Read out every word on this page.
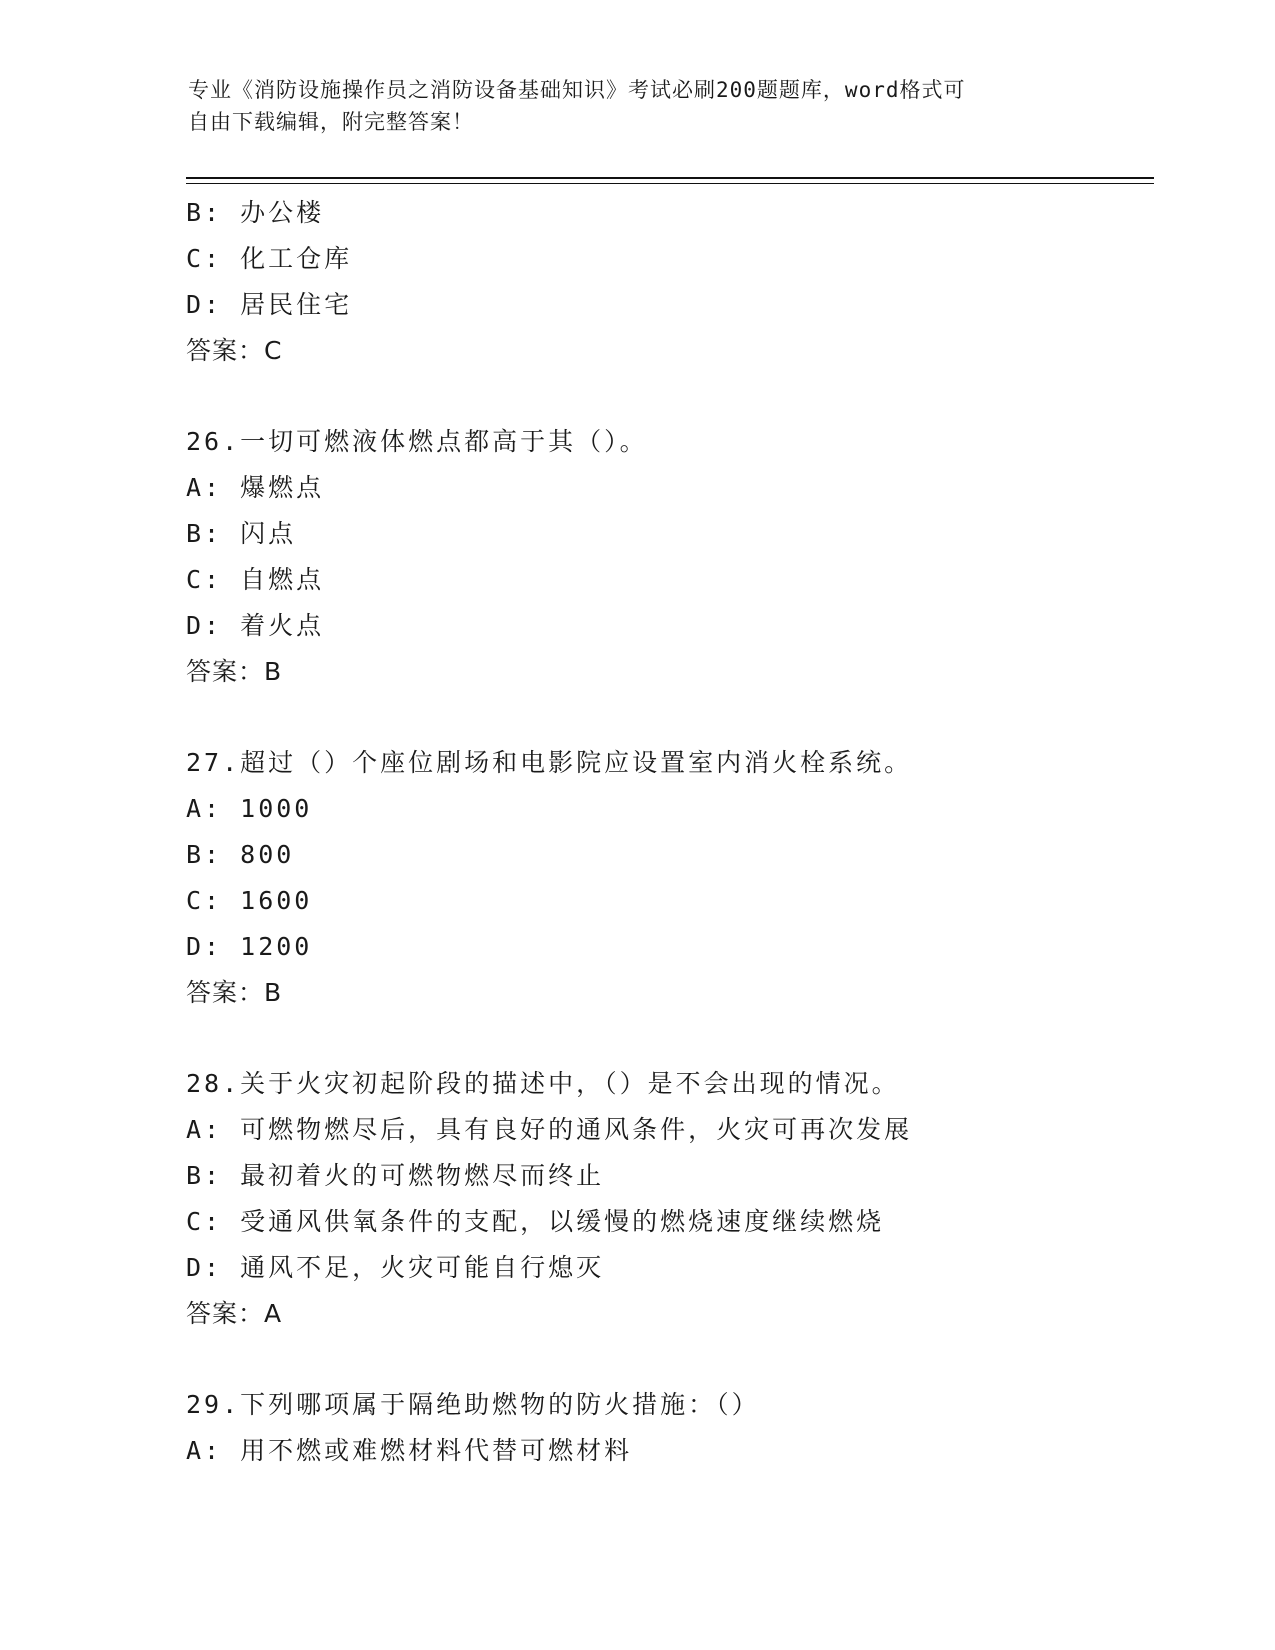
专业《消防设施操作员之消防设备基础知识》考试必刷200题题库，word格式可
自由下载编辑，附完整答案！
B: 办公楼
C: 化工仓库
D: 居民住宅
答案：C
26.一切可燃液体燃点都高于其（）。
A: 爆燃点
B: 闪点
C: 自燃点
D: 着火点
答案：B
27.超过（）个座位剧场和电影院应设置室内消火栓系统。
A: 1000
B: 800
C: 1600
D: 1200
答案：B
28.关于火灾初起阶段的描述中，（）是不会出现的情况。
A: 可燃物燃尽后，具有良好的通风条件，火灾可再次发展
B: 最初着火的可燃物燃尽而终止
C: 受通风供氧条件的支配，以缓慢的燃烧速度继续燃烧
D: 通风不足，火灾可能自行熄灭
答案：A
29.下列哪项属于隔绝助燃物的防火措施：（）
A: 用不燃或难燃材料代替可燃材料
